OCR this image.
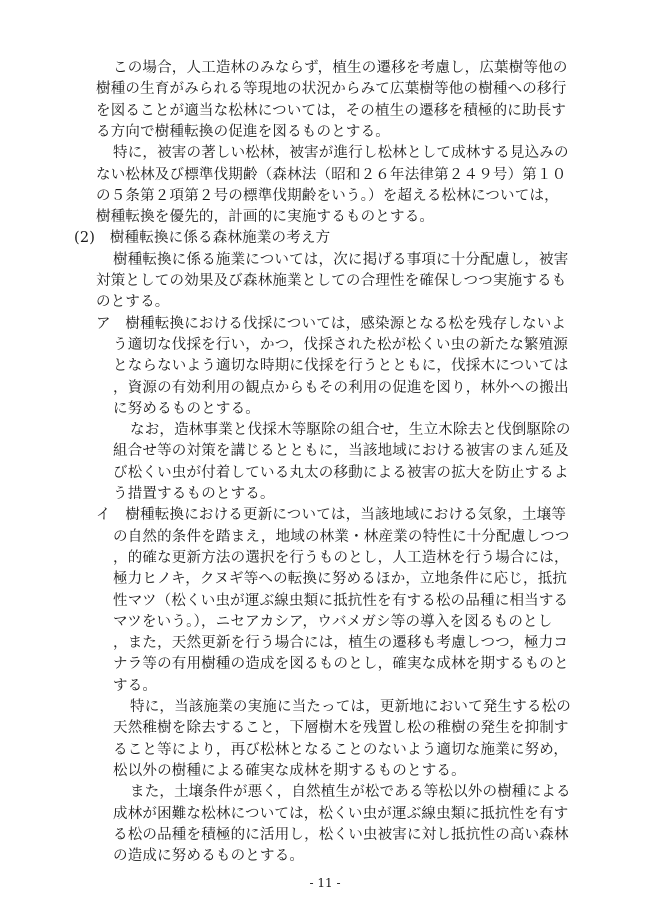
この場合，人工造林のみならず，植生の遷移を考慮し，広葉樹等他の
樹種の生育がみられる等現地の状況からみて広葉樹等他の樹種への移行
を図ることが適当な松林については，その植生の遷移を積極的に助長す
る方向で樹種転換の促進を図るものとする。
特に，被害の著しい松林，被害が進行し松林として成林する見込みの
ない松林及び標準伐期齢（森林法（昭和２６年法律第２４９号）第１０
の５条第２項第２号の標準伐期齢をいう。）を超える松林については，
樹種転換を優先的，計画的に実施するものとする。
(2)　樹種転換に係る森林施業の考え方
樹種転換に係る施業については，次に掲げる事項に十分配慮し，被害
対策としての効果及び森林施業としての合理性を確保しつつ実施するも
のとする。
ア　樹種転換における伐採については，感染源となる松を残存しないよ
う適切な伐採を行い，かつ，伐採された松が松くい虫の新たな繁殖源
とならないよう適切な時期に伐採を行うとともに，伐採木については
，資源の有効利用の観点からもその利用の促進を図り，林外への搬出
に努めるものとする。
なお，造林事業と伐採木等駆除の組合せ，生立木除去と伐倒駆除の
組合せ等の対策を講じるとともに，当該地域における被害のまん延及
び松くい虫が付着している丸太の移動による被害の拡大を防止するよ
う措置するものとする。
イ　樹種転換における更新については，当該地域における気象，土壌等
の自然的条件を踏まえ，地域の林業・林産業の特性に十分配慮しつつ
，的確な更新方法の選択を行うものとし，人工造林を行う場合には，
極力ヒノキ，クヌギ等への転換に努めるほか，立地条件に応じ，抵抗
性マツ（松くい虫が運ぶ線虫類に抵抗性を有する松の品種に相当する
マツをいう。），ニセアカシア，ウバメガシ等の導入を図るものとし
，また，天然更新を行う場合には，植生の遷移も考慮しつつ，極力コ
ナラ等の有用樹種の造成を図るものとし，確実な成林を期するものと
する。
特に，当該施業の実施に当たっては，更新地において発生する松の
天然稚樹を除去すること，下層樹木を残置し松の稚樹の発生を抑制す
ること等により，再び松林となることのないよう適切な施業に努め，
松以外の樹種による確実な成林を期するものとする。
また，土壌条件が悪く，自然植生が松である等松以外の樹種による
成林が困難な松林については，松くい虫が運ぶ線虫類に抵抗性を有す
る松の品種を積極的に活用し，松くい虫被害に対し抵抗性の高い森林
の造成に努めるものとする。
- 11 -
